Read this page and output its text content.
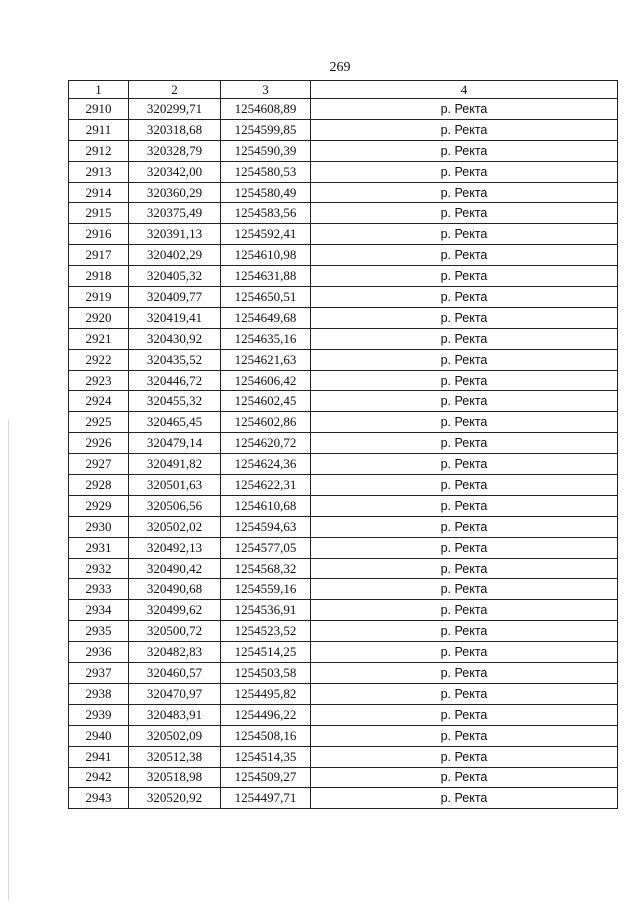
269
1	2	3	4
2910	320299,71	1254608,89	р. Ректа
2911	320318,68	1254599,85	р. Ректа
2912	320328,79	1254590,39	р. Ректа
2913	320342,00	1254580,53	р. Ректа
2914	320360,29	1254580,49	р. Ректа
2915	320375,49	1254583,56	р. Ректа
2916	320391,13	1254592,41	р. Ректа
2917	320402,29	1254610,98	р. Ректа
2918	320405,32	1254631,88	р. Ректа
2919	320409,77	1254650,51	р. Ректа
2920	320419,41	1254649,68	р. Ректа
2921	320430,92	1254635,16	р. Ректа
2922	320435,52	1254621,63	р. Ректа
2923	320446,72	1254606,42	р. Ректа
2924	320455,32	1254602,45	р. Ректа
2925	320465,45	1254602,86	р. Ректа
2926	320479,14	1254620,72	р. Ректа
2927	320491,82	1254624,36	р. Ректа
2928	320501,63	1254622,31	р. Ректа
2929	320506,56	1254610,68	р. Ректа
2930	320502,02	1254594,63	р. Ректа
2931	320492,13	1254577,05	р. Ректа
2932	320490,42	1254568,32	р. Ректа
2933	320490,68	1254559,16	р. Ректа
2934	320499,62	1254536,91	р. Ректа
2935	320500,72	1254523,52	р. Ректа
2936	320482,83	1254514,25	р. Ректа
2937	320460,57	1254503,58	р. Ректа
2938	320470,97	1254495,82	р. Ректа
2939	320483,91	1254496,22	р. Ректа
2940	320502,09	1254508,16	р. Ректа
2941	320512,38	1254514,35	р. Ректа
2942	320518,98	1254509,27	р. Ректа
2943	320520,92	1254497,71	р. Ректа
